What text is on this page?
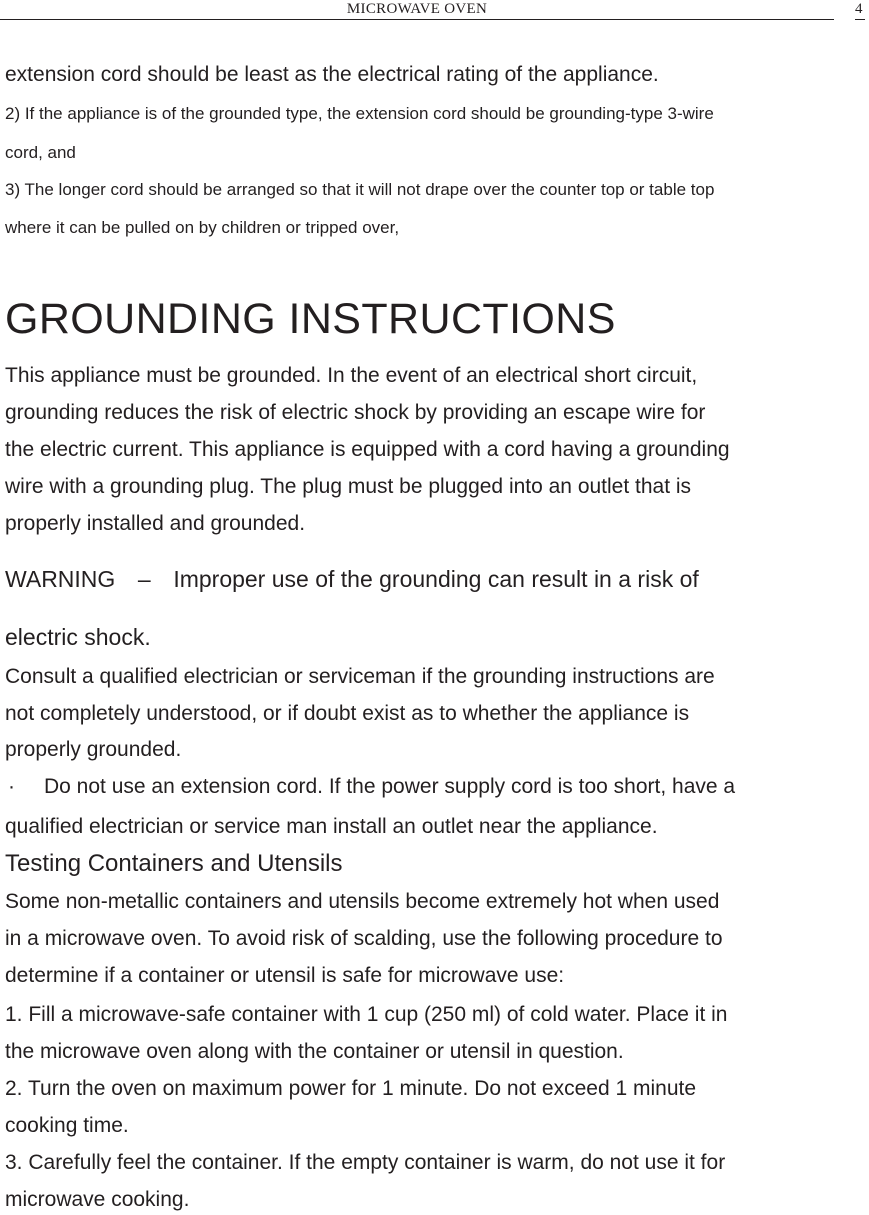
MICROWAVE OVEN	4

extension cord should be least as the electrical rating of the appliance.

2) If the appliance is of the grounded type, the extension cord should be grounding-type 3-wire

cord, and

3) The longer cord should be arranged so that it will not drape over the counter top or table top

where it can be pulled on by children or tripped over,

GROUNDING INSTRUCTIONS

This appliance must be grounded. In the event of an electrical short circuit,

grounding reduces the risk of electric shock by providing an escape wire for

the electric current. This appliance is equipped with a cord having a grounding

wire with a grounding plug. The plug must be plugged into an outlet that is

properly installed and grounded.

WARNING – Improper use of the grounding can result in a risk of

electric shock.

Consult a qualified electrician or serviceman if the grounding instructions are

not completely understood, or if doubt exist as to whether the appliance is

properly grounded.

· Do not use an extension cord. If the power supply cord is too short, have a

qualified electrician or service man install an outlet near the appliance.

Testing Containers and Utensils

Some non-metallic containers and utensils become extremely hot when used

in a microwave oven. To avoid risk of scalding, use the following procedure to

determine if a container or utensil is safe for microwave use:

1. Fill a microwave-safe container with 1 cup (250 ml) of cold water. Place it in

the microwave oven along with the container or utensil in question.

2. Turn the oven on maximum power for 1 minute. Do not exceed 1 minute

cooking time.

3. Carefully feel the container. If the empty container is warm, do not use it for

microwave cooking.
